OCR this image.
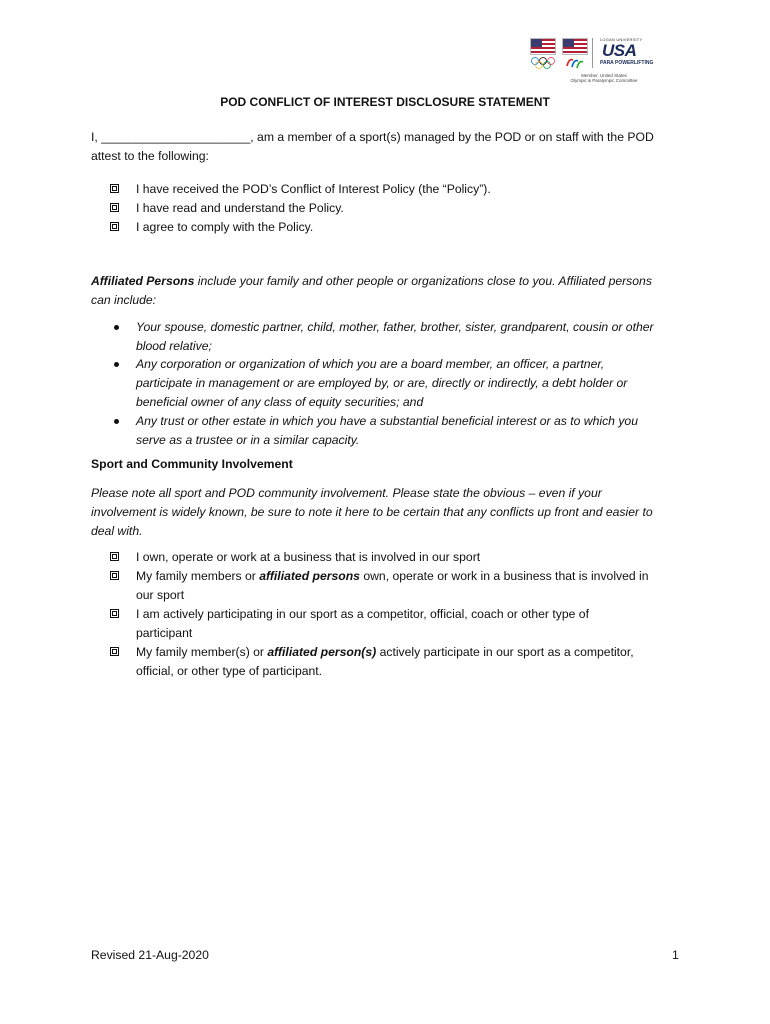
LOGAN UNIVERSITY
USA
PARA POWERLIFTING
Member, United States
Olympic & Paralympic Committee
POD CONFLICT OF INTEREST DISCLOSURE STATEMENT
I, ______________________, am a member of a sport(s) managed by the POD or on staff with the POD
attest to the following:
I have received the POD’s Conflict of Interest Policy (the “Policy”).
I have read and understand the Policy.
I agree to comply with the Policy.
Affiliated Persons include your family and other people or organizations close to you. Affiliated persons
can include:
Your spouse, domestic partner, child, mother, father, brother, sister, grandparent, cousin or other
blood relative;
Any corporation or organization of which you are a board member, an officer, a partner,
participate in management or are employed by, or are, directly or indirectly, a debt holder or
beneficial owner of any class of equity securities; and
Any trust or other estate in which you have a substantial beneficial interest or as to which you
serve as a trustee or in a similar capacity.
Sport and Community Involvement
Please note all sport and POD community involvement. Please state the obvious – even if your
involvement is widely known, be sure to note it here to be certain that any conflicts up front and easier to
deal with.
I own, operate or work at a business that is involved in our sport
My family members or affiliated persons own, operate or work in a business that is involved in
our sport
I am actively participating in our sport as a competitor, official, coach or other type of
participant
My family member(s) or affiliated person(s) actively participate in our sport as a competitor,
official, or other type of participant.
Revised 21-Aug-2020	1
